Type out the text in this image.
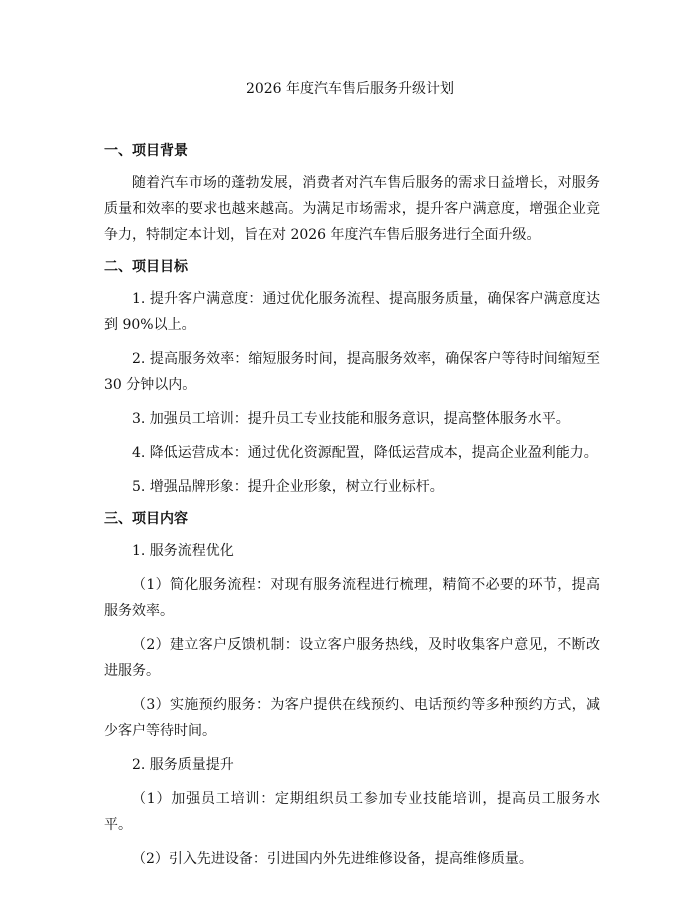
2026 年度汽车售后服务升级计划
一、项目背景

随着汽车市场的蓬勃发展，消费者对汽车售后服务的需求日益增长，对服务质量和效率的要求也越来越高。为满足市场需求，提升客户满意度，增强企业竞争力，特制定本计划，旨在对 2026 年度汽车售后服务进行全面升级。

二、项目目标

1. 提升客户满意度：通过优化服务流程、提高服务质量，确保客户满意度达到 90%以上。

2. 提高服务效率：缩短服务时间，提高服务效率，确保客户等待时间缩短至 30 分钟以内。

3. 加强员工培训：提升员工专业技能和服务意识，提高整体服务水平。

4. 降低运营成本：通过优化资源配置，降低运营成本，提高企业盈利能力。

5. 增强品牌形象：提升企业形象，树立行业标杆。

三、项目内容

1. 服务流程优化

（1）简化服务流程：对现有服务流程进行梳理，精简不必要的环节，提高服务效率。

（2）建立客户反馈机制：设立客户服务热线，及时收集客户意见，不断改进服务。

（3）实施预约服务：为客户提供在线预约、电话预约等多种预约方式，减少客户等待时间。

2. 服务质量提升

（1）加强员工培训：定期组织员工参加专业技能培训，提高员工服务水平。

（2）引入先进设备：引进国内外先进维修设备，提高维修质量。
